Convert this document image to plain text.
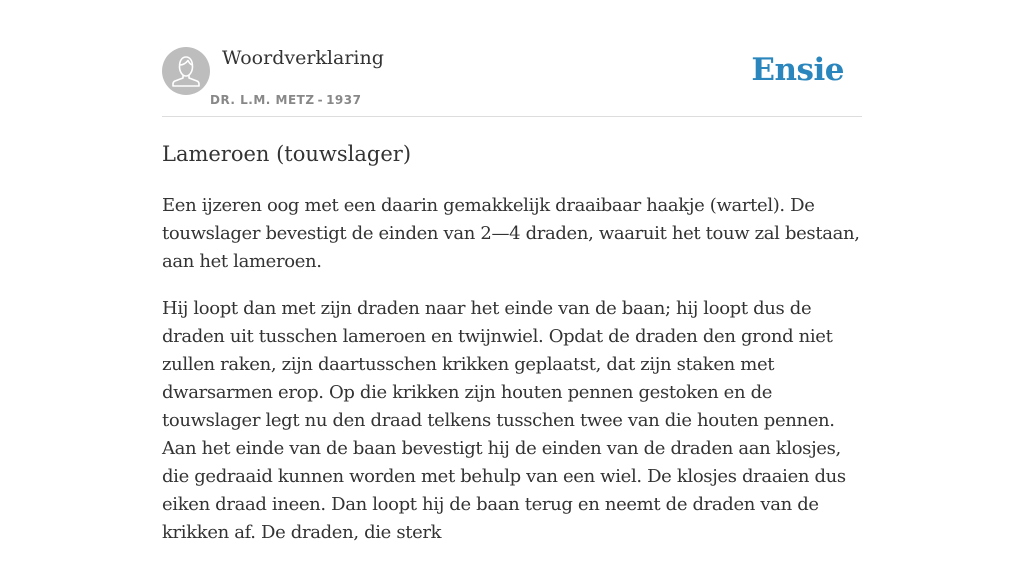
Woordverklaring
DR. L.M. METZ - 1937
Ensie
Lameroen (touwslager)

Een ijzeren oog met een daarin gemakkelijk draaibaar haakje (wartel). De touwslager bevestigt de einden van 2—4 draden, waaruit het touw zal bestaan, aan het lameroen.

Hij loopt dan met zijn draden naar het einde van de baan; hij loopt dus de draden uit tusschen lameroen en twijnwiel. Opdat de draden den grond niet zullen raken, zijn daartusschen krikken geplaatst, dat zijn staken met dwarsarmen erop. Op die krikken zijn houten pennen gestoken en de touwslager legt nu den draad telkens tusschen twee van die houten pennen. Aan het einde van de baan bevestigt hij de einden van de draden aan klosjes, die gedraaid kunnen worden met behulp van een wiel. De klosjes draaien dus eiken draad ineen. Dan loopt hij de baan terug en neemt de draden van de krikken af. De draden, die sterk
